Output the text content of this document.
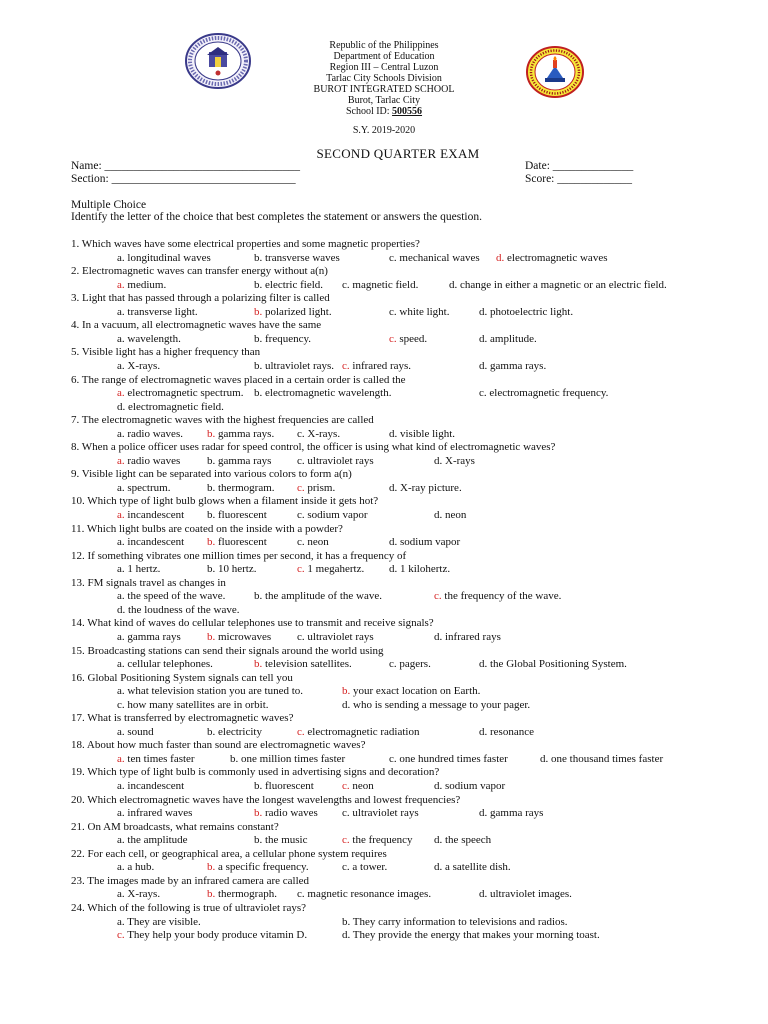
Republic of the Philippines
Department of Education
Region III – Central Luzon
Tarlac City Schools Division
BUROT INTEGRATED SCHOOL
Burot, Tarlac City
School ID: 500556
S.Y. 2019-2020
SECOND QUARTER EXAM
Name: __________________________________
Section: ________________________________
Date: ______________
Score: _____________
Multiple Choice
Identify the letter of the choice that best completes the statement or answers the question.
1. Which waves have some electrical properties and some magnetic properties?
a. longitudinal waves	b. transverse waves	c. mechanical waves d. electromagnetic waves
2. Electromagnetic waves can transfer energy without a(n)
a. medium.	b. electric field. c. magnetic field.	d. change in either a magnetic or an electric field.
3. Light that has passed through a polarizing filter is called
a. transverse light.	b. polarized light.	c. white light.	d. photoelectric light.
4. In a vacuum, all electromagnetic waves have the same
a. wavelength.	b. frequency.	c. speed.	d. amplitude.
5. Visible light has a higher frequency than
a. X-rays.	b. ultraviolet rays. c. infrared rays.	d. gamma rays.
6. The range of electromagnetic waves placed in a certain order is called the
a. electromagnetic spectrum. b. electromagnetic wavelength.	c. electromagnetic frequency.
d. electromagnetic field.
7. The electromagnetic waves with the highest frequencies are called
a. radio waves. b. gamma rays. c. X-rays.	d. visible light.
8. When a police officer uses radar for speed control, the officer is using what kind of electromagnetic waves?
a. radio waves b. gamma rays c. ultraviolet rays	d. X-rays
9. Visible light can be separated into various colors to form a(n)
a. spectrum.	b. thermogram. c. prism.	d. X-ray picture.
10. Which type of light bulb glows when a filament inside it gets hot?
a. incandescent b. fluorescent	c. sodium vapor	d. neon
11. Which light bulbs are coated on the inside with a powder?
a. incandescent b. fluorescent	c. neon	d. sodium vapor
12. If something vibrates one million times per second, it has a frequency of
a. 1 hertz.	b. 10 hertz.	c. 1 megahertz. d. 1 kilohertz.
13. FM signals travel as changes in
a. the speed of the wave.	b. the amplitude of the wave.	c. the frequency of the wave.
d. the loudness of the wave.
14. What kind of waves do cellular telephones use to transmit and receive signals?
a. gamma rays b. microwaves c. ultraviolet rays	d. infrared rays
15. Broadcasting stations can send their signals around the world using
a. cellular telephones.	b. television satellites.	c. pagers.	d. the Global Positioning System.
16. Global Positioning System signals can tell you
a. what television station you are tuned to.	b. your exact location on Earth.
c. how many satellites are in orbit.	d. who is sending a message to your pager.
17. What is transferred by electromagnetic waves?
a. sound	b. electricity	c. electromagnetic radiation	d. resonance
18. About how much faster than sound are electromagnetic waves?
a. ten times faster	b. one million times faster	c. one hundred times faster	d. one thousand times faster
19. Which type of light bulb is commonly used in advertising signs and decoration?
a. incandescent	b. fluorescent	c. neon	d. sodium vapor
20. Which electromagnetic waves have the longest wavelengths and lowest frequencies?
a. infrared waves	b. radio waves c. ultraviolet rays	d. gamma rays
21. On AM broadcasts, what remains constant?
a. the amplitude	b. the music	c. the frequency d. the speech
22. For each cell, or geographical area, a cellular phone system requires
a. a hub.	b. a specific frequency.	c. a tower.	d. a satellite dish.
23. The images made by an infrared camera are called
a. X-rays.	b. thermograph. c. magnetic resonance images.	d. ultraviolet images.
24. Which of the following is true of ultraviolet rays?
a. They are visible.	b. They carry information to televisions and radios.
c. They help your body produce vitamin D.	d. They provide the energy that makes your morning toast.
